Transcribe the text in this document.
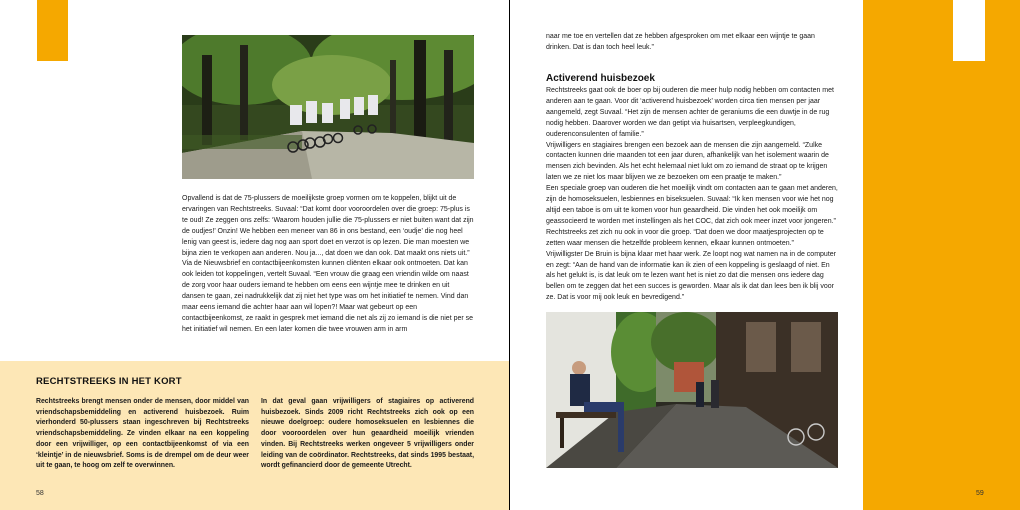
Opvallend is dat de 75-plussers de moeilijkste groep vormen om te koppelen, blijkt uit de ervaringen van Rechtstreeks. Suvaal: “Dat komt door vooroordelen over die groep: 75-plus is te oud! Ze zeggen ons zelfs: ‘Waarom houden jullie die 75-plussers er niet buiten want dat zijn de oudjes!’ Onzin! We hebben een meneer van 86 in ons bestand, een ‘oudje’ die nog heel lenig van geest is, iedere dag nog aan sport doet en verzot is op lezen. Die man moesten we bijna zien te verkopen aan anderen. Nou ja..., dat doen we dan ook. Dat maakt ons niets uit.”

Via de Nieuwsbrief en contactbijeenkomsten kunnen cliënten elkaar ook ontmoeten. Dat kan ook leiden tot koppelingen, vertelt Suvaal. “Een vrouw die graag een vriendin wilde om naast de zorg voor haar ouders iemand te hebben om eens een wijntje mee te drinken en uit dansen te gaan, zei nadrukkelijk dat zij niet het type was om het initiatief te nemen. Vind dan maar eens iemand die achter haar aan wil lopen?! Maar wat gebeurt op een contactbijeenkomst, ze raakt in gesprek met iemand die net als zij zo iemand is die niet per se het initiatief wil nemen. En een later komen die twee vrouwen arm in arm

RECHTSTREEKS IN HET KORT
Rechtstreeks brengt mensen onder de mensen, door middel van vriendschapsbemiddeling en activerend huisbezoek. Ruim vierhonderd 50-plussers staan ingeschreven bij Rechtstreeks vriendschapsbemiddeling. Ze vinden elkaar na een koppeling door een vrijwilliger, op een contactbijeenkomst of via een ‘kleintje’ in de nieuwsbrief. Soms is de drempel om de deur weer uit te gaan, te hoog om zelf te overwinnen.
In dat geval gaan vrijwilligers of stagiaires op activerend huisbezoek. Sinds 2009 richt Rechtstreeks zich ook op een nieuwe doelgroep: oudere homoseksuelen en lesbiennes die door vooroordelen over hun geaardheid moeilijk vrienden vinden. Bij Rechtstreeks werken ongeveer 5 vrijwilligers onder leiding van de coördinator. Rechtstreeks, dat sinds 1995 bestaat, wordt gefinancierd door de gemeente Utrecht.
58
naar me toe en vertellen dat ze hebben afgesproken om met elkaar een wijntje te gaan drinken. Dat is dan toch heel leuk.”
Activerend huisbezoek

Rechtstreeks gaat ook de boer op bij ouderen die meer hulp nodig hebben om contacten met anderen aan te gaan. Voor dit ‘activerend huisbezoek’ worden circa tien mensen per jaar aangemeld, zegt Suvaal. “Het zijn de mensen achter de geraniums die een duwtje in de rug nodig hebben. Daarover worden we dan getipt via huisartsen, verpleegkundigen, ouderenconsulenten of familie.”

Vrijwilligers en stagiaires brengen een bezoek aan de mensen die zijn aangemeld. “Zulke contacten kunnen drie maanden tot een jaar duren, afhankelijk van het isolement waarin de mensen zich bevinden. Als het echt helemaal niet lukt om zo iemand de straat op te krijgen laten we ze niet los maar blijven we ze bezoeken om een praatje te maken.”

Een speciale groep van ouderen die het moeilijk vindt om contacten aan te gaan met anderen, zijn de homoseksuelen, lesbiennes en biseksuelen. Suvaal: “Ik ken mensen voor wie het nog altijd een taboe is om uit te komen voor hun geaardheid. Die vinden het ook moeilijk om geassocieerd te worden met instellingen als het COC, dat zich ook meer inzet voor jongeren.” Rechtstreeks zet zich nu ook in voor die groep. “Dat doen we door maatjesprojecten op te zetten waar mensen die hetzelfde probleem kennen, elkaar kunnen ontmoeten.”

Vrijwilligster De Bruin is bijna klaar met haar werk. Ze loopt nog wat namen na in de computer en zegt: “Aan de hand van de informatie kan ik zien of een koppeling is geslaagd of niet. En als het gelukt is, is dat leuk om te lezen want het is niet zo dat die mensen ons iedere dag bellen om te zeggen dat het een succes is geworden. Maar als ik dat dan lees ben ik blij voor ze. Dat is voor mij ook leuk en bevredigend.”

59
